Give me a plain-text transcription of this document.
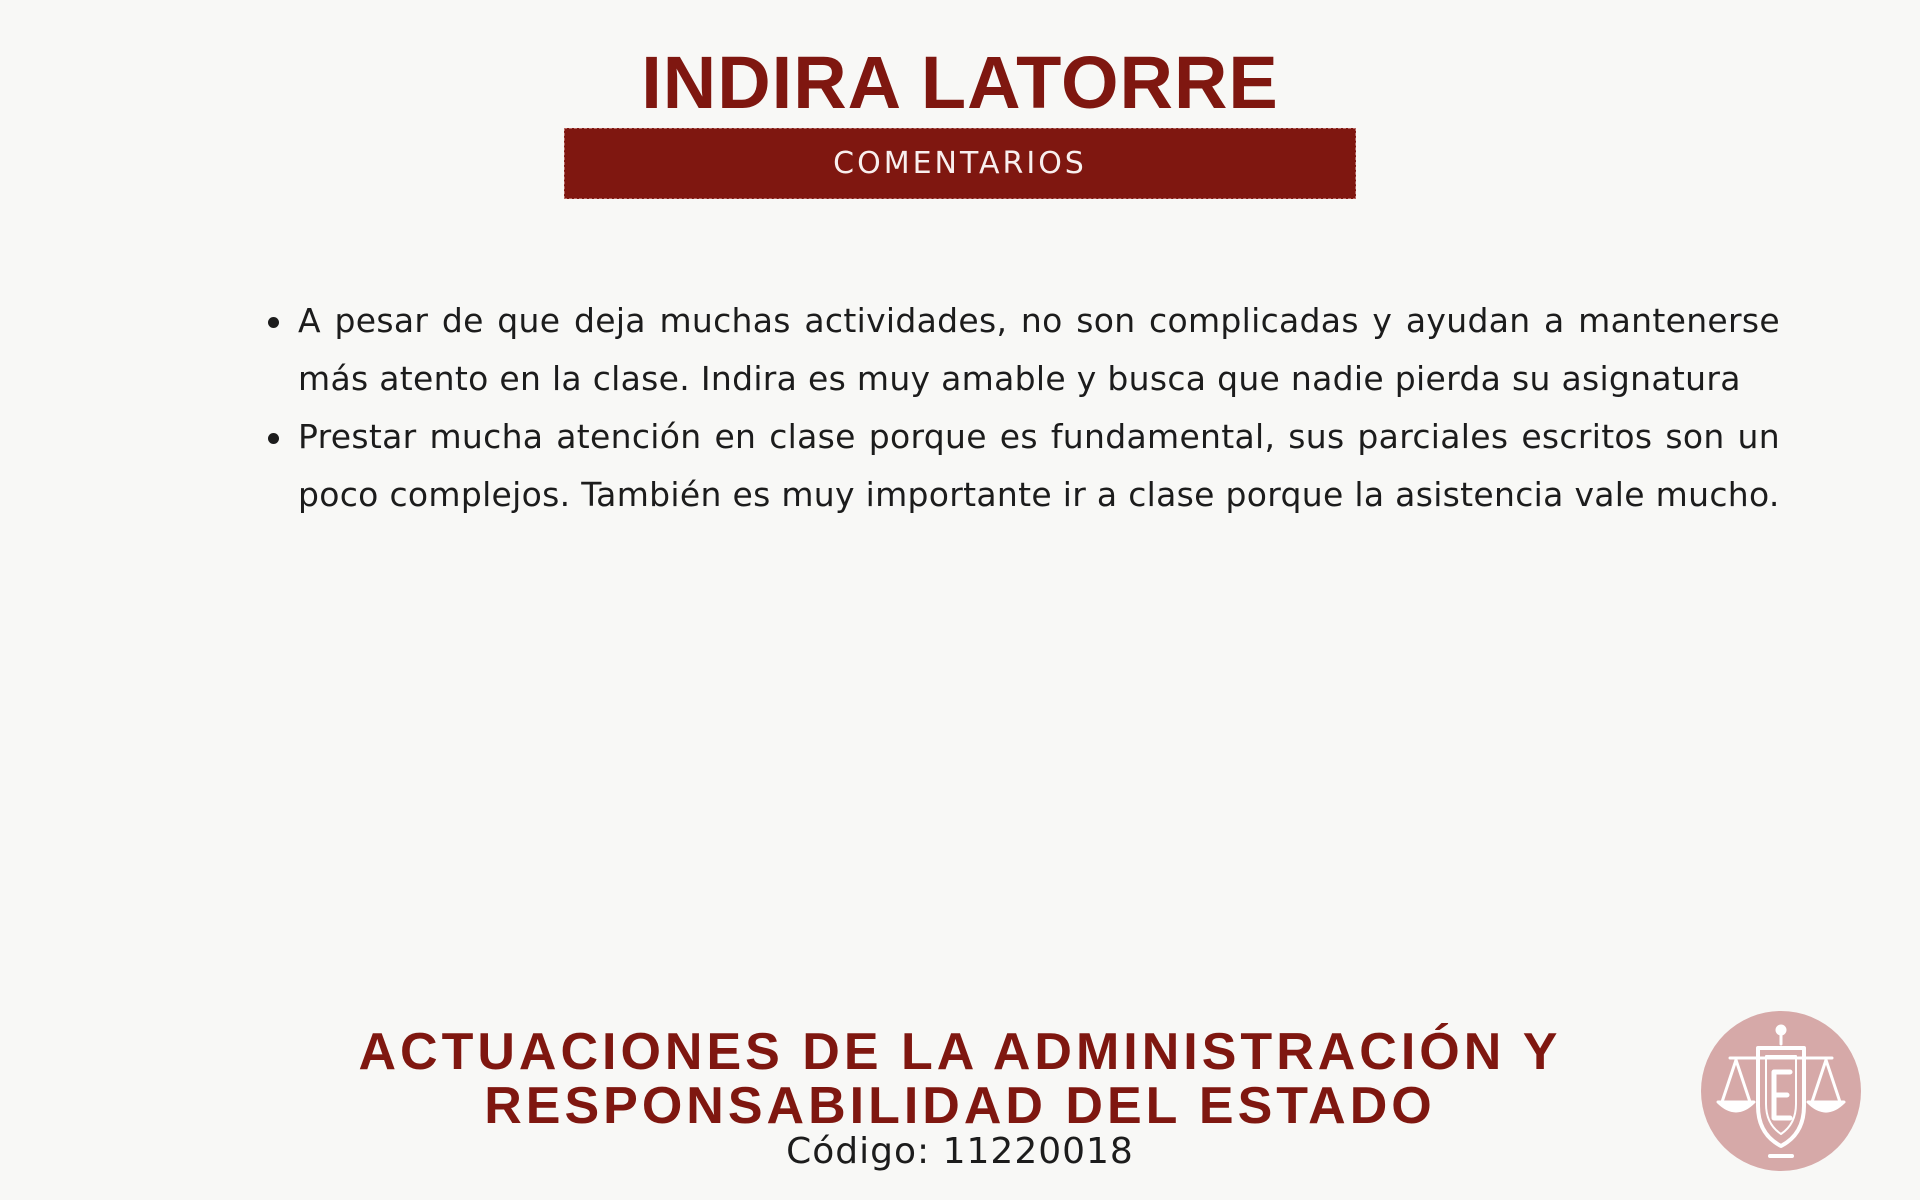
INDIRA LATORRE
COMENTARIOS
A pesar de que deja muchas actividades, no son complicadas y ayudan a mantenerse más atento en la clase. Indira es muy amable y busca que nadie pierda su asignatura
Prestar mucha atención en clase porque es fundamental, sus parciales escritos son un poco complejos. También es muy importante ir a clase porque la asistencia vale mucho.
ACTUACIONES DE LA ADMINISTRACIÓN Y
RESPONSABILIDAD DEL ESTADO
Código: 11220018
